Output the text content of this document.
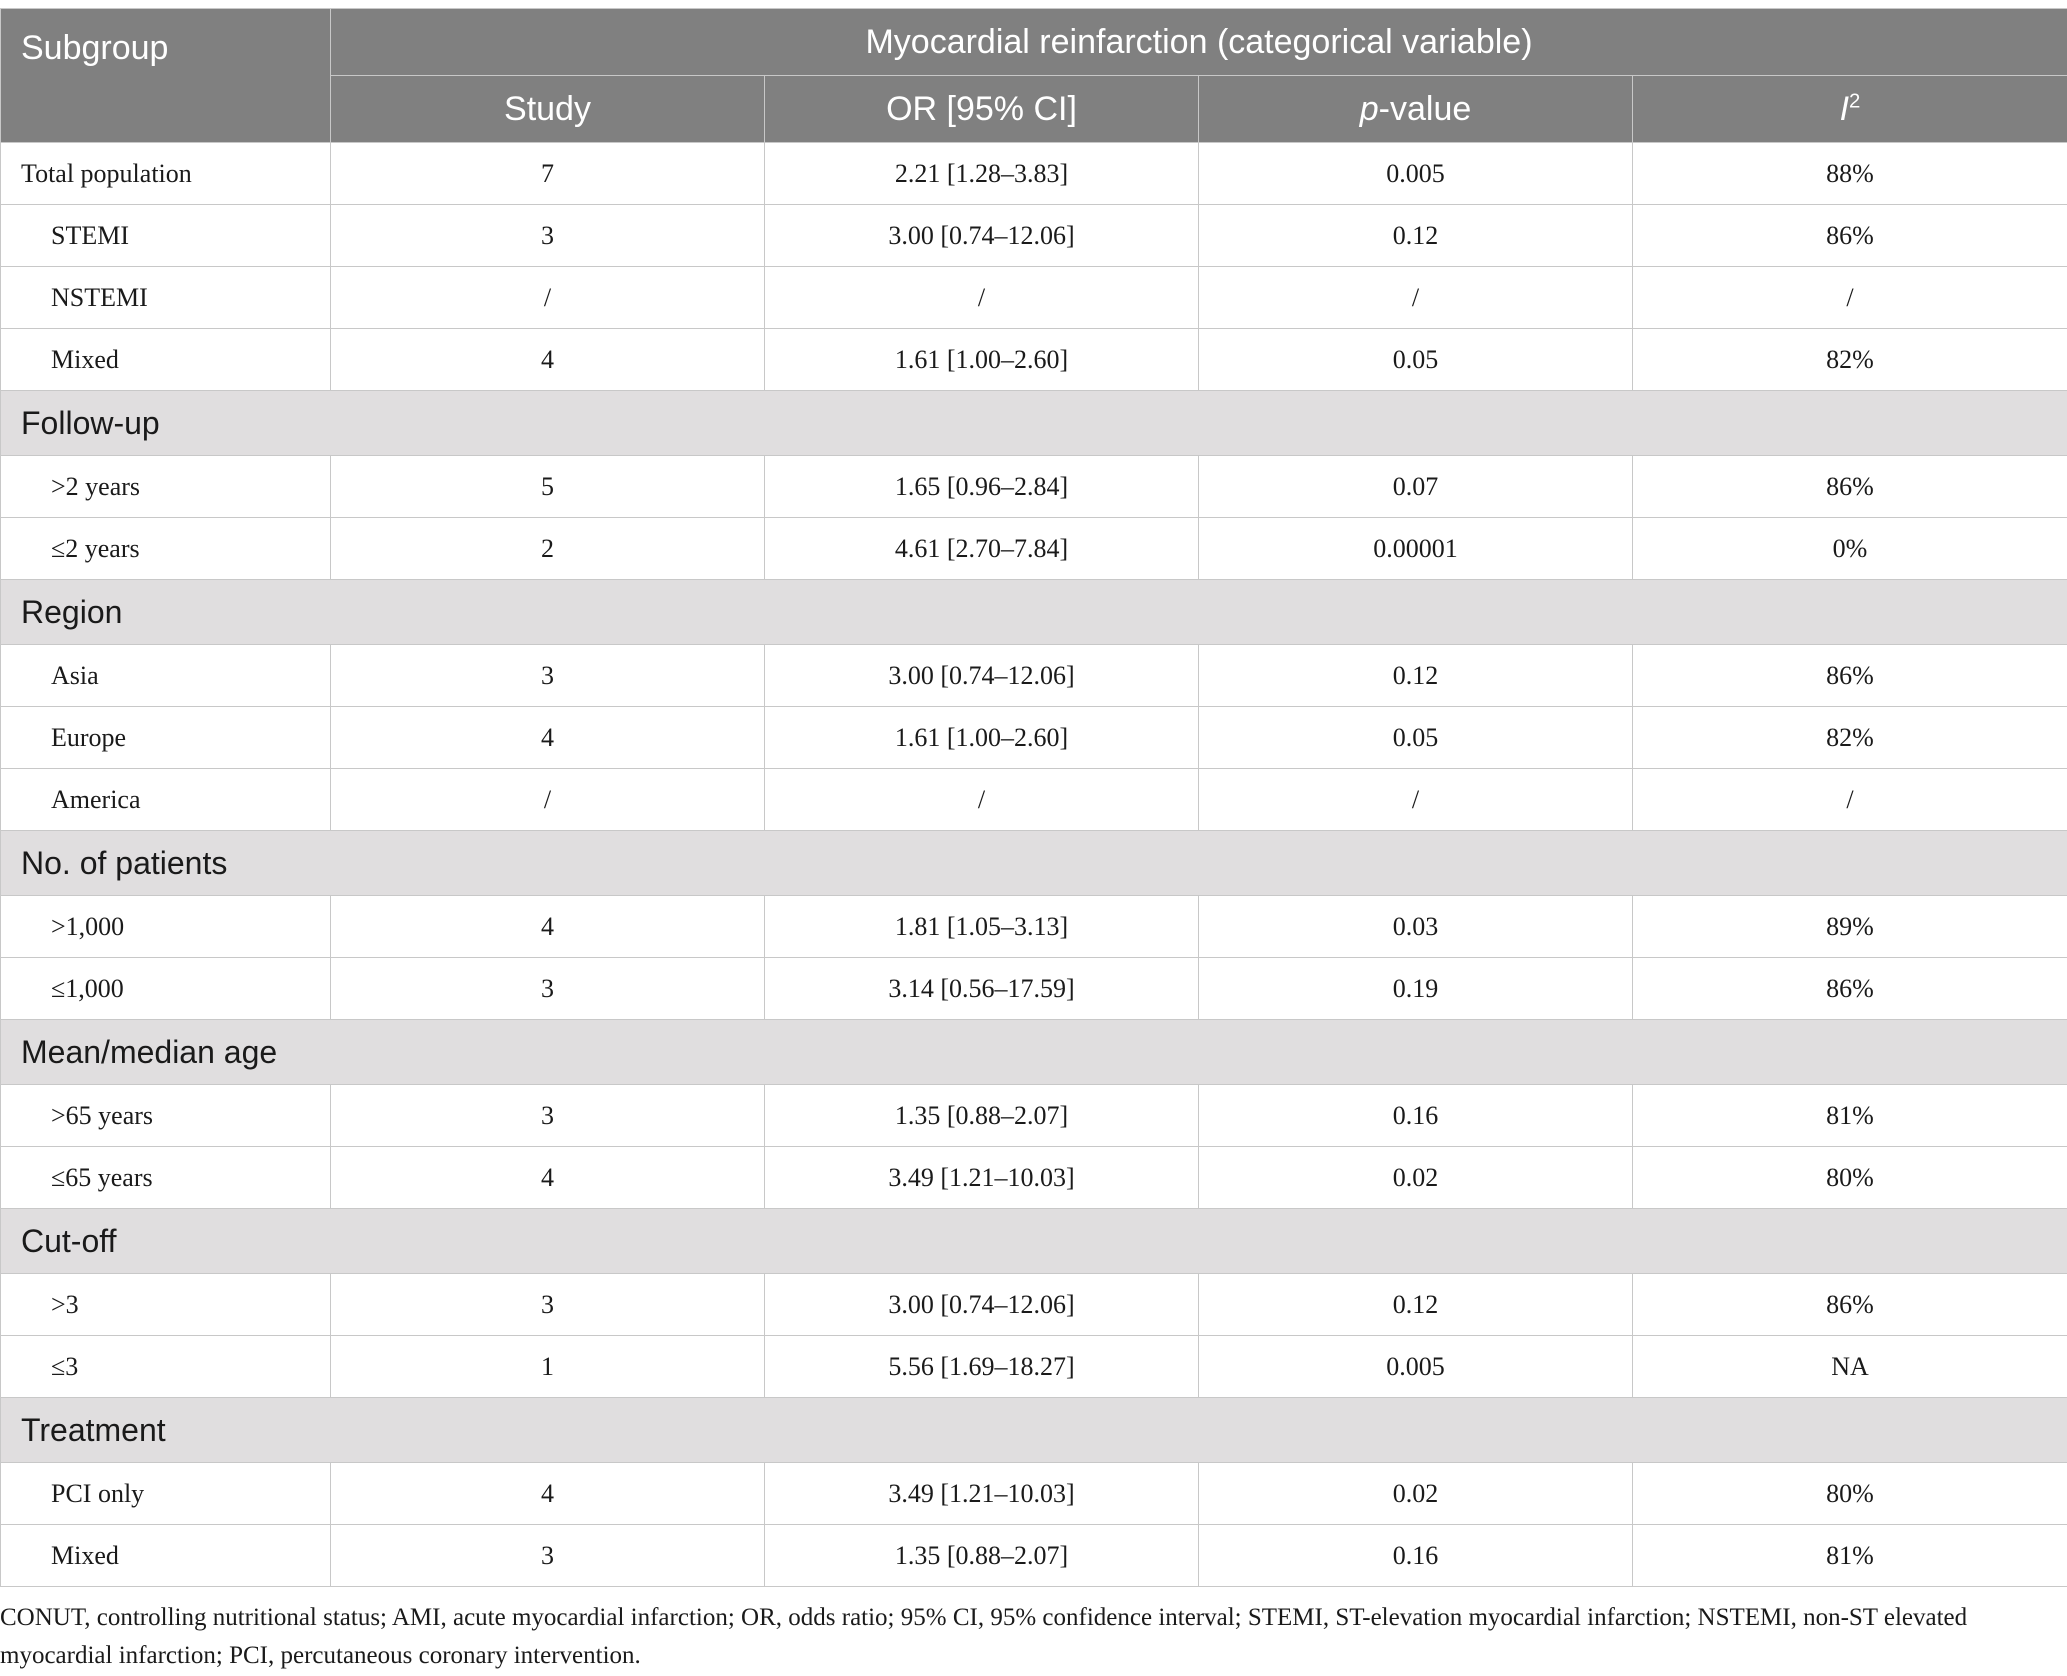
Subgroup	Myocardial reinfarction (categorical variable)			
	Study	OR [95% CI]	p-value	$I^2$
Total population	7	2.21 [1.28–3.83]	0.005	88%
STEMI	3	3.00 [0.74–12.06]	0.12	86%
NSTEMI	/	/	/	/
Mixed	4	1.61 [1.00–2.60]	0.05	82%
Follow-up				
>2 years	5	1.65 [0.96–2.84]	0.07	86%
≤2 years	2	4.61 [2.70–7.84]	0.00001	0%
Region				
Asia	3	3.00 [0.74–12.06]	0.12	86%
Europe	4	1.61 [1.00–2.60]	0.05	82%
America	/	/	/	/
No. of patients				
>1,000	4	1.81 [1.05–3.13]	0.03	89%
≤1,000	3	3.14 [0.56–17.59]	0.19	86%
Mean/median age				
>65 years	3	1.35 [0.88–2.07]	0.16	81%
≤65 years	4	3.49 [1.21–10.03]	0.02	80%
Cut-off				
>3	3	3.00 [0.74–12.06]	0.12	86%
≤3	1	5.56 [1.69–18.27]	0.005	NA
Treatment				
PCI only	4	3.49 [1.21–10.03]	0.02	80%
Mixed	3	1.35 [0.88–2.07]	0.16	81%

CONUT, controlling nutritional status; AMI, acute myocardial infarction; OR, odds ratio; 95% CI, 95% confidence interval; STEMI, ST-elevation myocardial infarction; NSTEMI, non-ST elevated myocardial infarction; PCI, percutaneous coronary intervention.
